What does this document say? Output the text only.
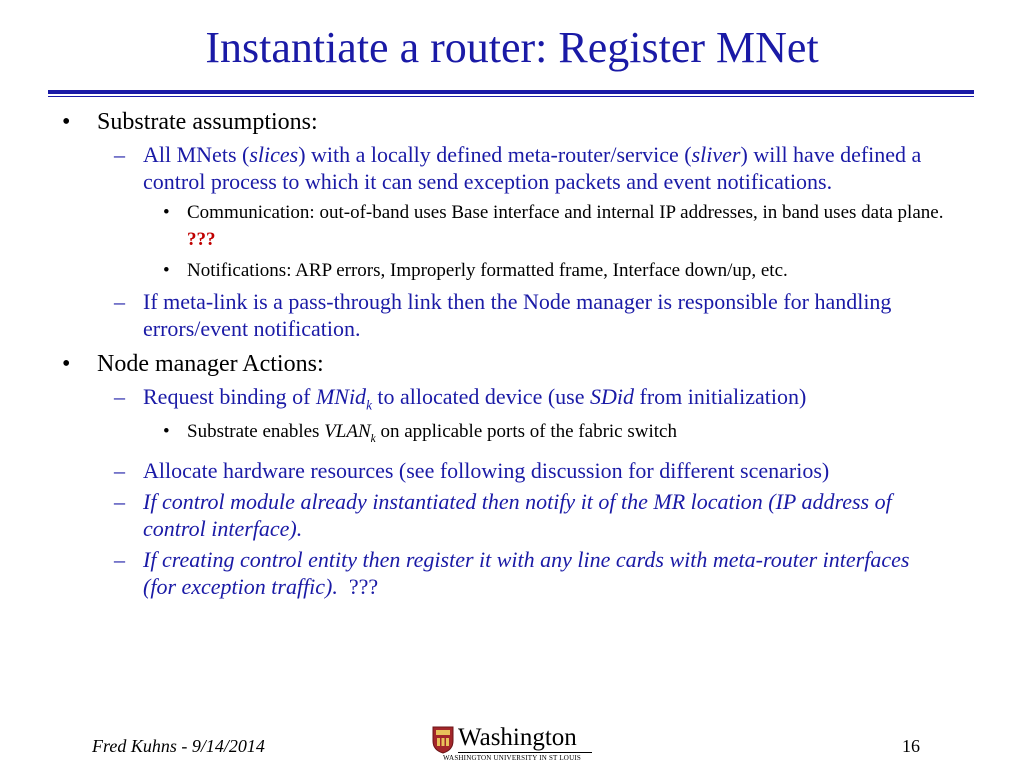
Instantiate a router: Register MNet
• Substrate assumptions:
– All MNets (slices) with a locally defined meta-router/service (sliver) will have defined a control process to which it can send exception packets and event notifications.
• Communication: out-of-band uses Base interface and internal IP addresses, in band uses data plane. ???
• Notifications: ARP errors, Improperly formatted frame, Interface down/up, etc.
– If meta-link is a pass-through link then the Node manager is responsible for handling errors/event notification.
• Node manager Actions:
– Request binding of MNid$_k$ to allocated device (use SDid from initialization)
• Substrate enables $VLAN_k$ on applicable ports of the fabric switch
– Allocate hardware resources (see following discussion for different scenarios)
– If control module already instantiated then notify it of the MR location (IP address of control interface).
– If creating control entity then register it with any line cards with meta-router interfaces (for exception traffic).  ???
Fred Kuhns - 9/14/2014	Washington
WASHINGTON UNIVERSITY IN ST LOUIS
16
